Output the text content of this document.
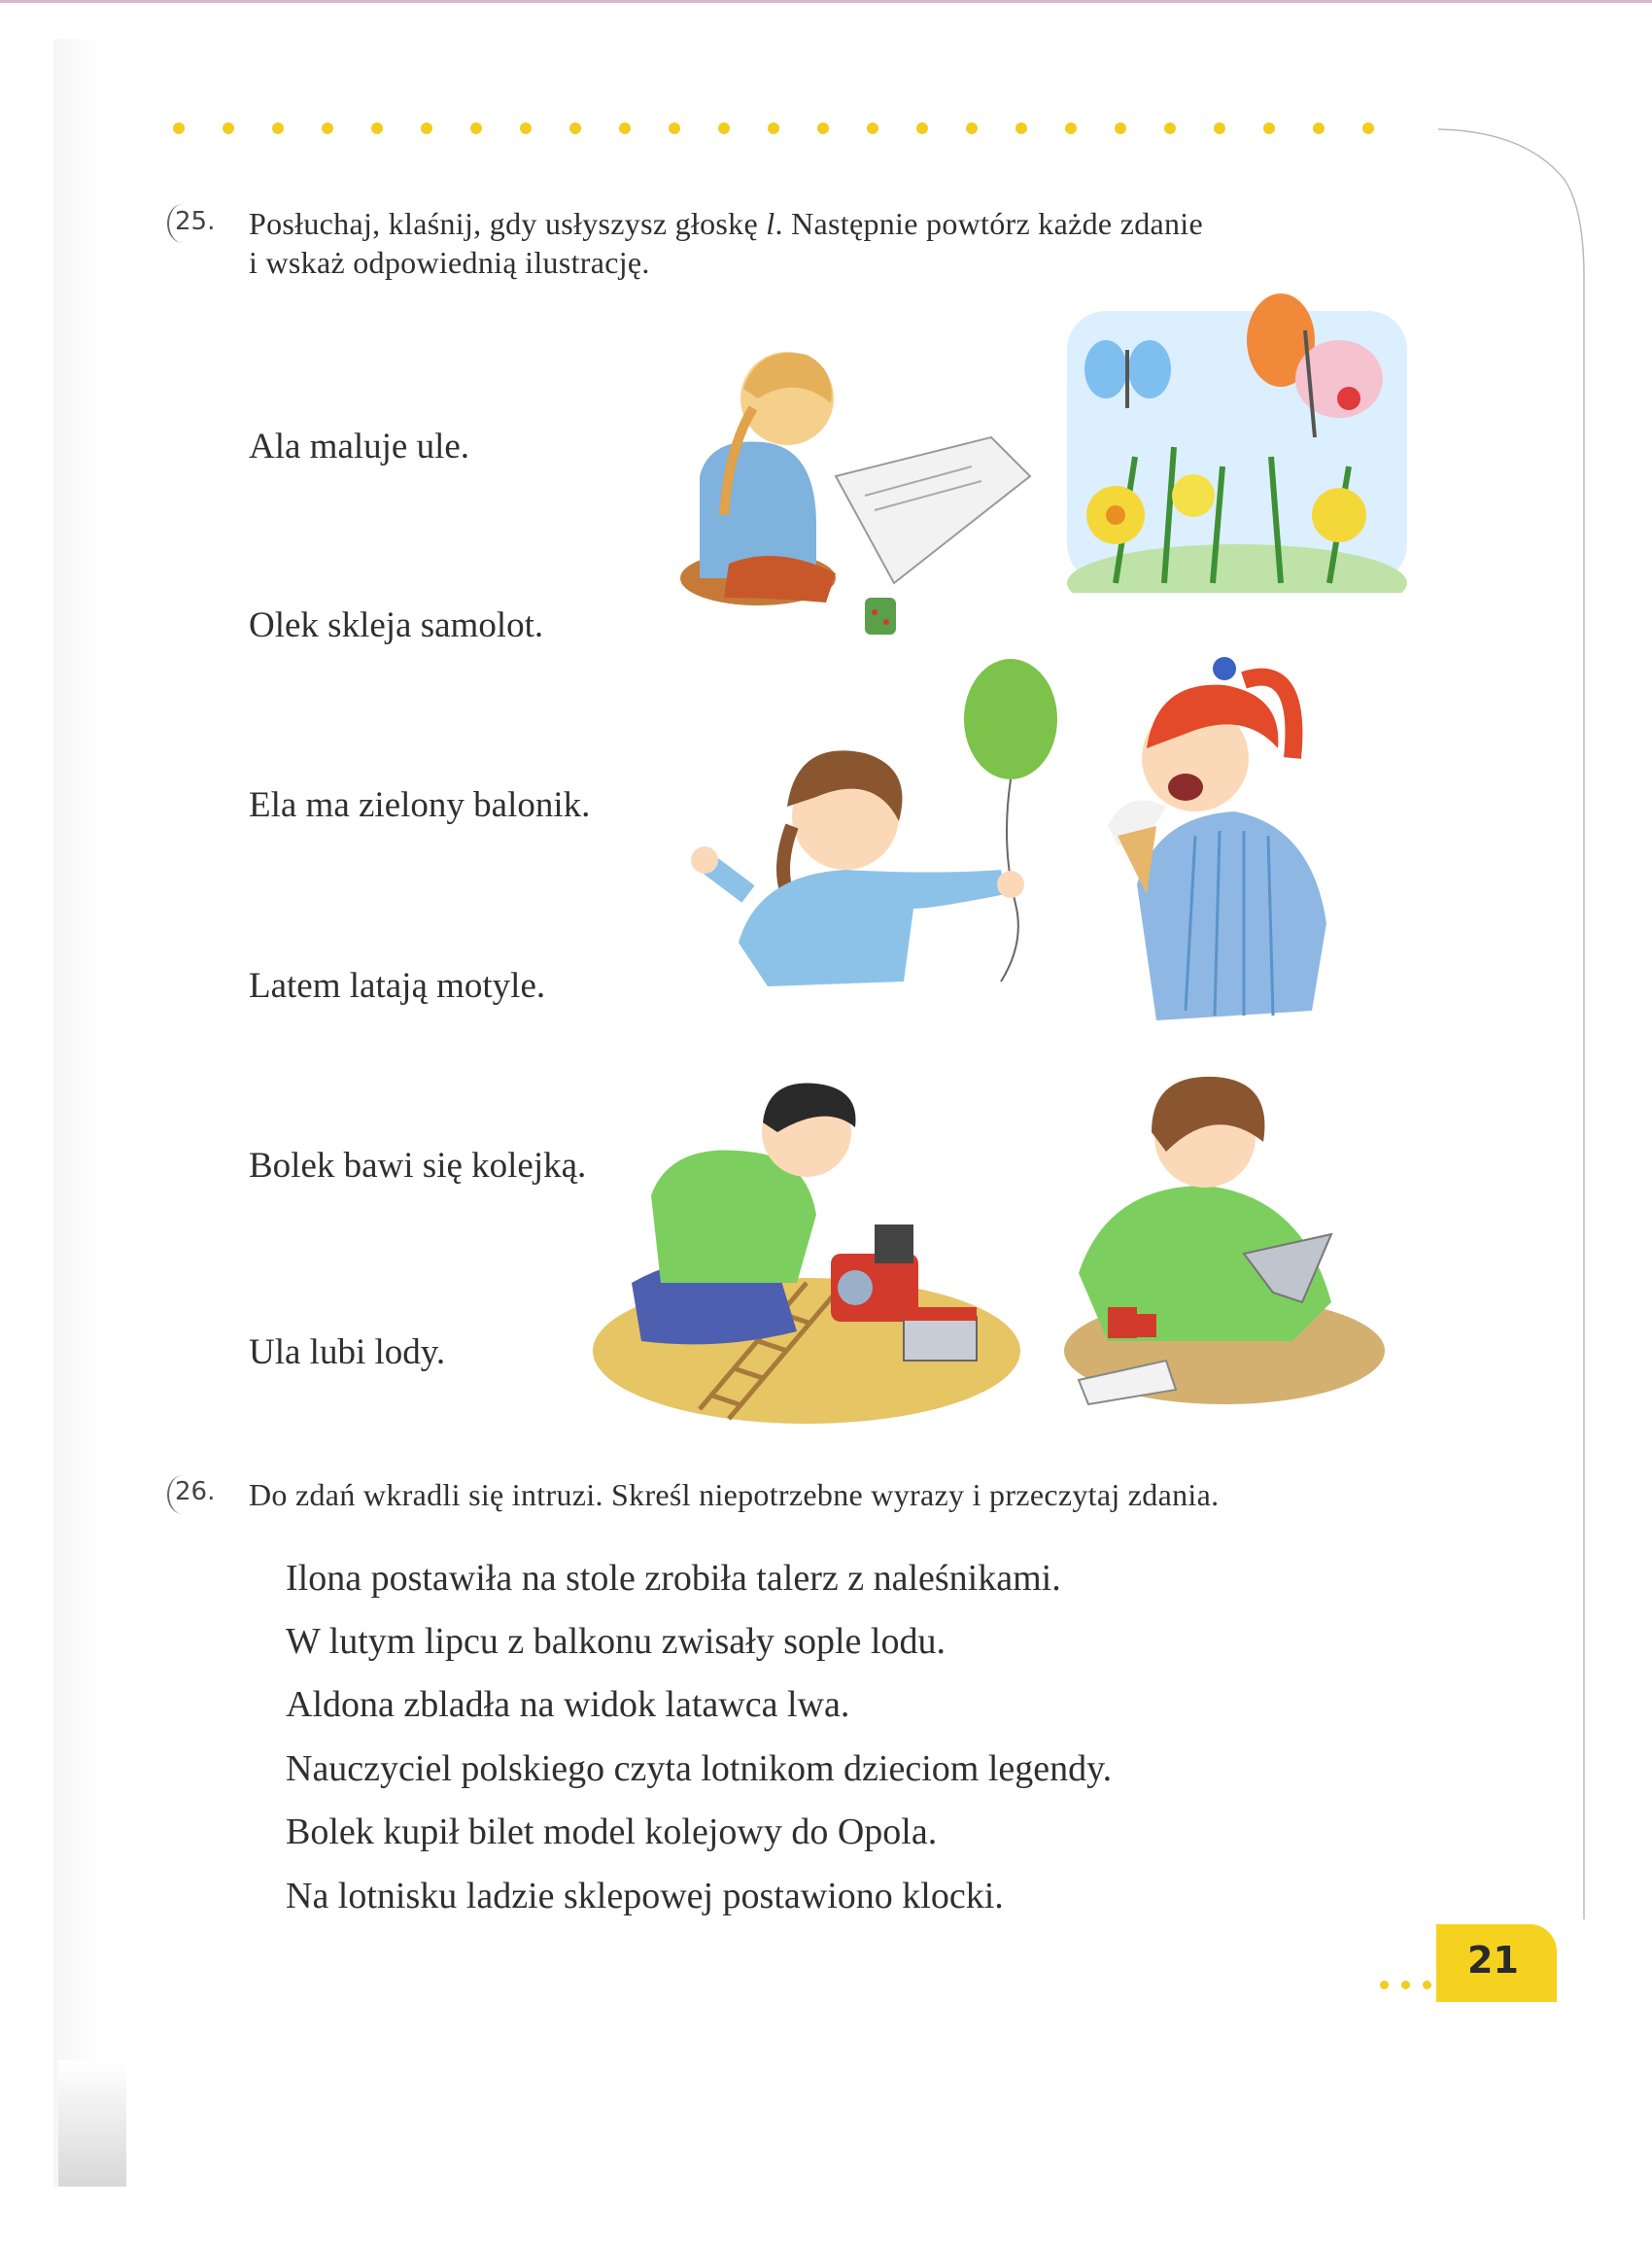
25. Posłuchaj, klaśnij, gdy usłyszysz głoskę l. Następnie powtórz każde zdanie
i wskaż odpowiednią ilustrację.
Ala maluje ule.
Olek skleja samolot.
Ela ma zielony balonik.
Latem latają motyle.
Bolek bawi się kolejką.
Ula lubi lody.
26. Do zdań wkradli się intruzi. Skreśl niepotrzebne wyrazy i przeczytaj zdania.
Ilona postawiła na stole zrobiła talerz z naleśnikami.
W lutym lipcu z balkonu zwisały sople lodu.
Aldona zbladła na widok latawca lwa.
Nauczyciel polskiego czyta lotnikom dzieciom legendy.
Bolek kupił bilet model kolejowy do Opola.
Na lotnisku ladzie sklepowej postawiono klocki.
21
